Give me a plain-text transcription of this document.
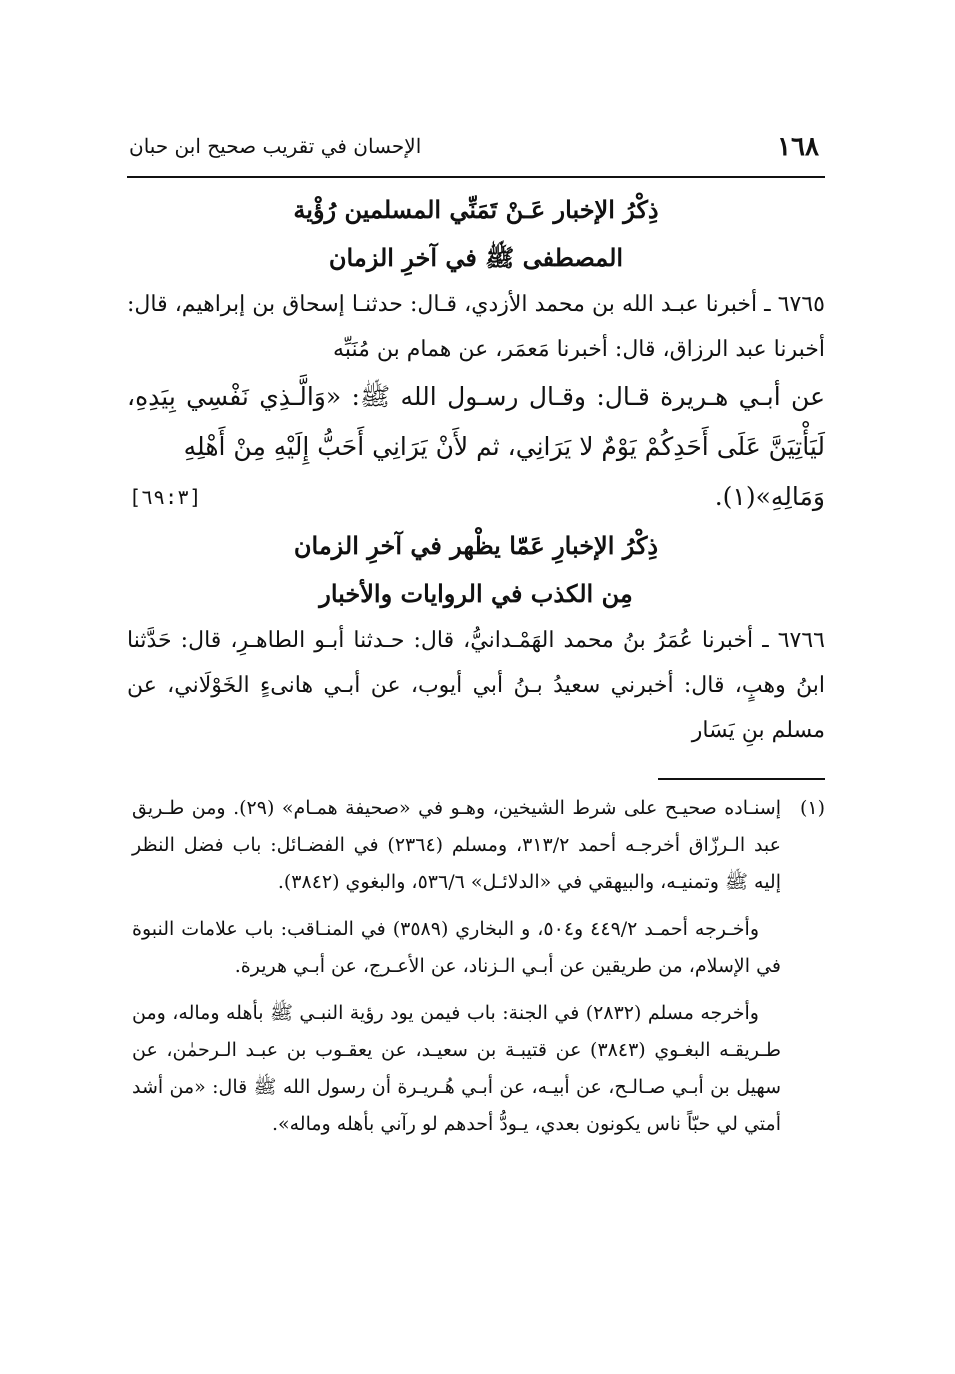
١٦٨
الإحسان في تقريب صحيح ابن حبان
ذِكْرُ الإخبار عَـنْ تَمَنِّي المسلمين رُؤْية
المصطفى ﷺ في آخرِ الزمان

٦٧٦٥ ـ أخبرنا عبـد الله بن محمد الأزدي، قـال: حدثنـا إسحاق بن إبراهيم، قال: أخبرنا عبد الرزاق، قال: أخبرنا مَعمَر، عن همام بن مُنَبِّه

عن أبـي هـريرة قـال: وقـال رسـول الله ﷺ: «وَالَّـذِي نَفْسِي بِيَدِهِ، لَيَأْتِيَنَّ عَلَى أَحَدِكُمْ يَوْمٌ لا يَرَانِي، ثم لأَنْ يَرَانِي أَحَبُّ إِلَيْهِ مِنْ أَهْلِهِ

وَمَالِهِ»(١).
[٦٩:٣]
ذِكْرُ الإخبارِ عَمّا يظْهر في آخرِ الزمان
مِن الكذب في الروايات والأخبار

٦٧٦٦ ـ أخبرنا عُمَرُ بنُ محمد الهَمْـدانيُّ، قال: حـدثنا أبـو الطاهـرِ، قال: حَدَّثنا ابنُ وهبٍ، قال: أخبرني سعيدُ بـنُ أبي أيوب، عن أبـي هانىءٍ الخَوْلَاني، عن مسلم بنِ يَسَار

(١)

إسنـاده صحيـح على شرط الشيخين، وهـو في «صحيفة همـام» (٢٩). ومن طـريق عبد الـرزّاق أخرجـه أحمد ٣١٣/٢، ومسلم (٢٣٦٤) في الفضـائل: باب فضل النظر إليه ﷺ وتمنيـه، والبيهقي في «الدلائـل» ٥٣٦/٦، والبغوي (٣٨٤٢).

وأخـرجه أحمـد ٤٤٩/٢ و٥٠٤، و البخاري (٣٥٨٩) في المنـاقب: باب علامات النبوة في الإسلام، من طريقين عن أبـي الـزناد، عن الأعـرج، عن أبـي هريرة.

وأخرجه مسلم (٢٨٣٢) في الجنة: باب فيمن يود رؤية النبـي ﷺ بأهله وماله، ومن طـريقـه البغـوي (٣٨٤٣) عن قتيبـة بن سعيـد، عن يعقـوب بن عبـد الـرحمٰن، عن سهيل بن أبـي صـالـح، عن أبيـه، عن أبـي هُـريـرة أن رسول الله ﷺ قال: «من أشد أمتي لي حبّاً ناس يكونون بعدي، يـودُّ أحدهم لو رآني بأهله وماله».
